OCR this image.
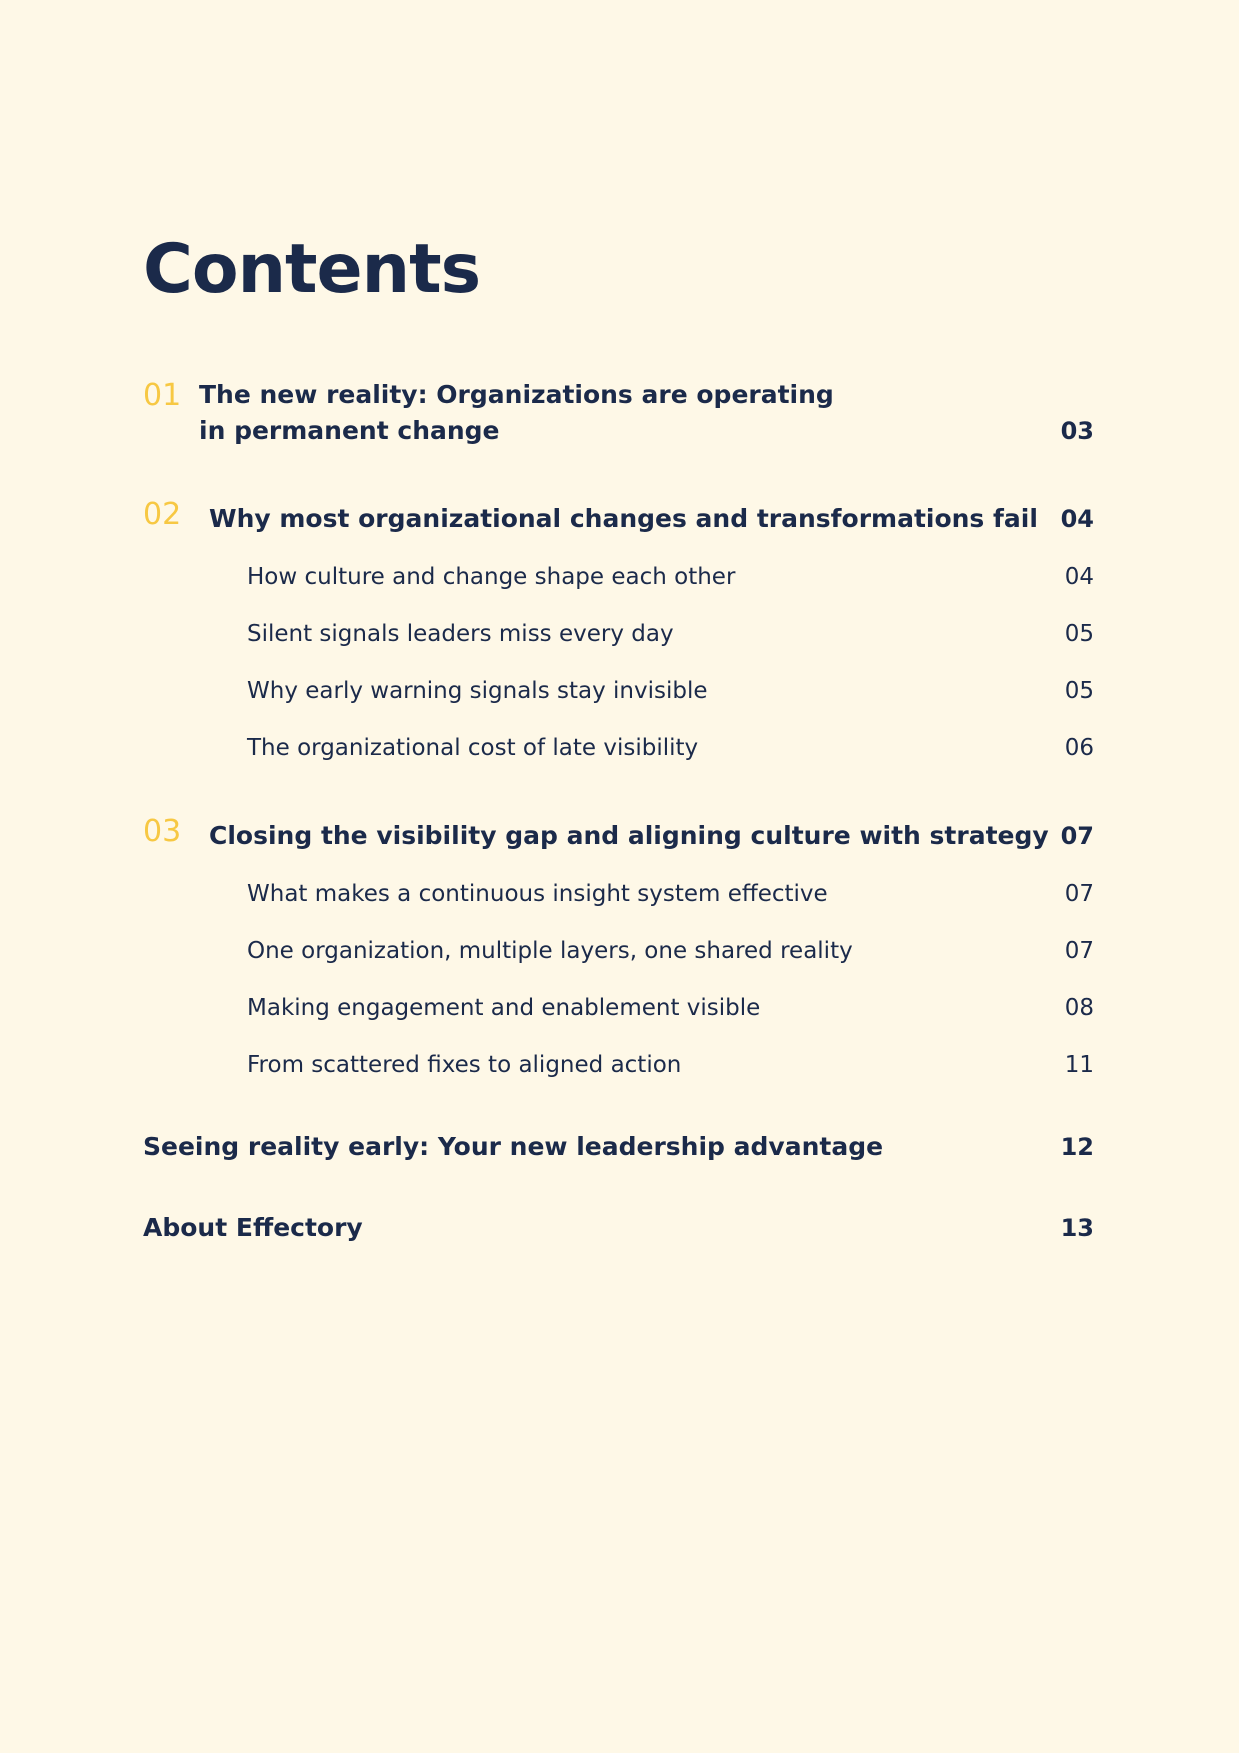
Contents
01 The new reality: Organizations are operating
in permanent change	03
02 Why most organizational changes and transformations fail 04
How culture and change shape each other	04
Silent signals leaders miss every day	05
Why early warning signals stay invisible	05
The organizational cost of late visibility	06
03 Closing the visibility gap and aligning culture with strategy 07
What makes a continuous insight system effective	07
One organization, multiple layers, one shared reality	07
Making engagement and enablement visible	08
From scattered fixes to aligned action	11
Seeing reality early: Your new leadership advantage	12
About Effectory	13
